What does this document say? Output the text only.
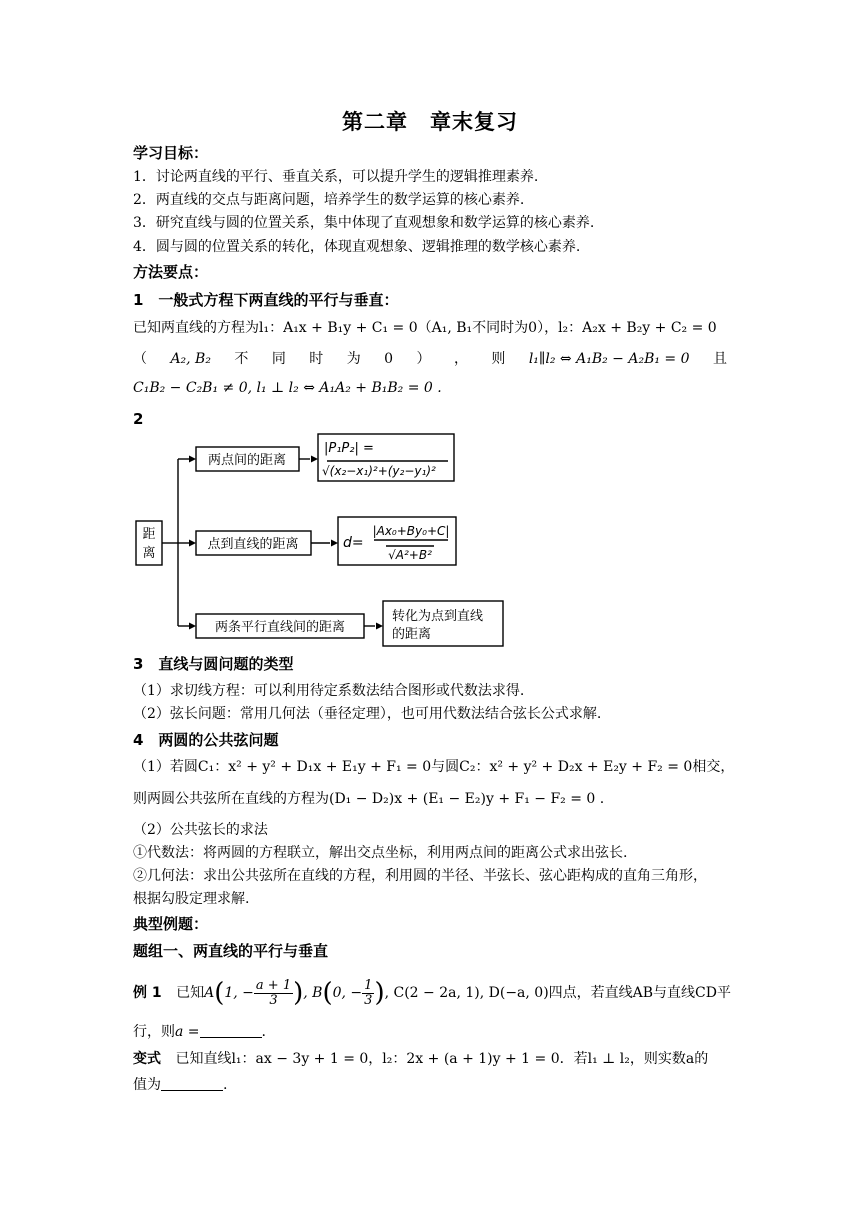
第二章　章末复习
学习目标：
1．讨论两直线的平行、垂直关系，可以提升学生的逻辑推理素养.
2．两直线的交点与距离问题，培养学生的数学运算的核心素养.
3．研究直线与圆的位置关系，集中体现了直观想象和数学运算的核心素养.
4．圆与圆的位置关系的转化，体现直观想象、逻辑推理的数学核心素养.
方法要点：
1　一般式方程下两直线的平行与垂直：
已知两直线的方程为l₁：A₁x + B₁y + C₁ = 0（A₁, B₁不同时为0），l₂：A₂x + B₂y + C₂ = 0
（ A₂, B₂ 不 同 时 为 0 ） ， 则 l₁∥l₂ ⇔ A₁B₂ − A₂B₁ = 0 且
C₁B₂ − C₂B₁ ≠ 0, l₁ ⊥ l₂ ⇔ A₁A₂ + B₁B₂ = 0 .
2
距
离
两点间的距离
|P₁P₂| =
√(x₂−x₁)²+(y₂−y₁)²
点到直线的距离	d=
|Ax₀+By₀+C|
√A²+B²
两条平行直线间的距离
转化为点到直线
的距离
3　直线与圆问题的类型
（1）求切线方程：可以利用待定系数法结合图形或代数法求得.
（2）弦长问题：常用几何法（垂径定理），也可用代数法结合弦长公式求解.
4　两圆的公共弦问题
（1）若圆C₁：x² + y² + D₁x + E₁y + F₁ = 0与圆C₂：x² + y² + D₂x + E₂y + F₂ = 0相交，
则两圆公共弦所在直线的方程为(D₁ − D₂)x + (E₁ − E₂)y + F₁ − F₂ = 0 .
（2）公共弦长的求法
①代数法：将两圆的方程联立，解出交点坐标，利用两点间的距离公式求出弦长.
②几何法：求出公共弦所在直线的方程，利用圆的半径、半弦长、弦心距构成的直角三角形，
根据勾股定理求解.
典型例题：
题组一、两直线的平行与垂直
例 1 已知A(1, − $\frac{a + 1}{3}$ ), B(0, − $\frac{1}{3}$ ), C(2 − 2a, 1), D(−a, 0)四点，若直线AB与直线CD平
行，则a =	.
变式 已知直线l₁：ax − 3y + 1 = 0，l₂：2x + (a + 1)y + 1 = 0．若l₁ ⊥ l₂，则实数a的
值为	.
